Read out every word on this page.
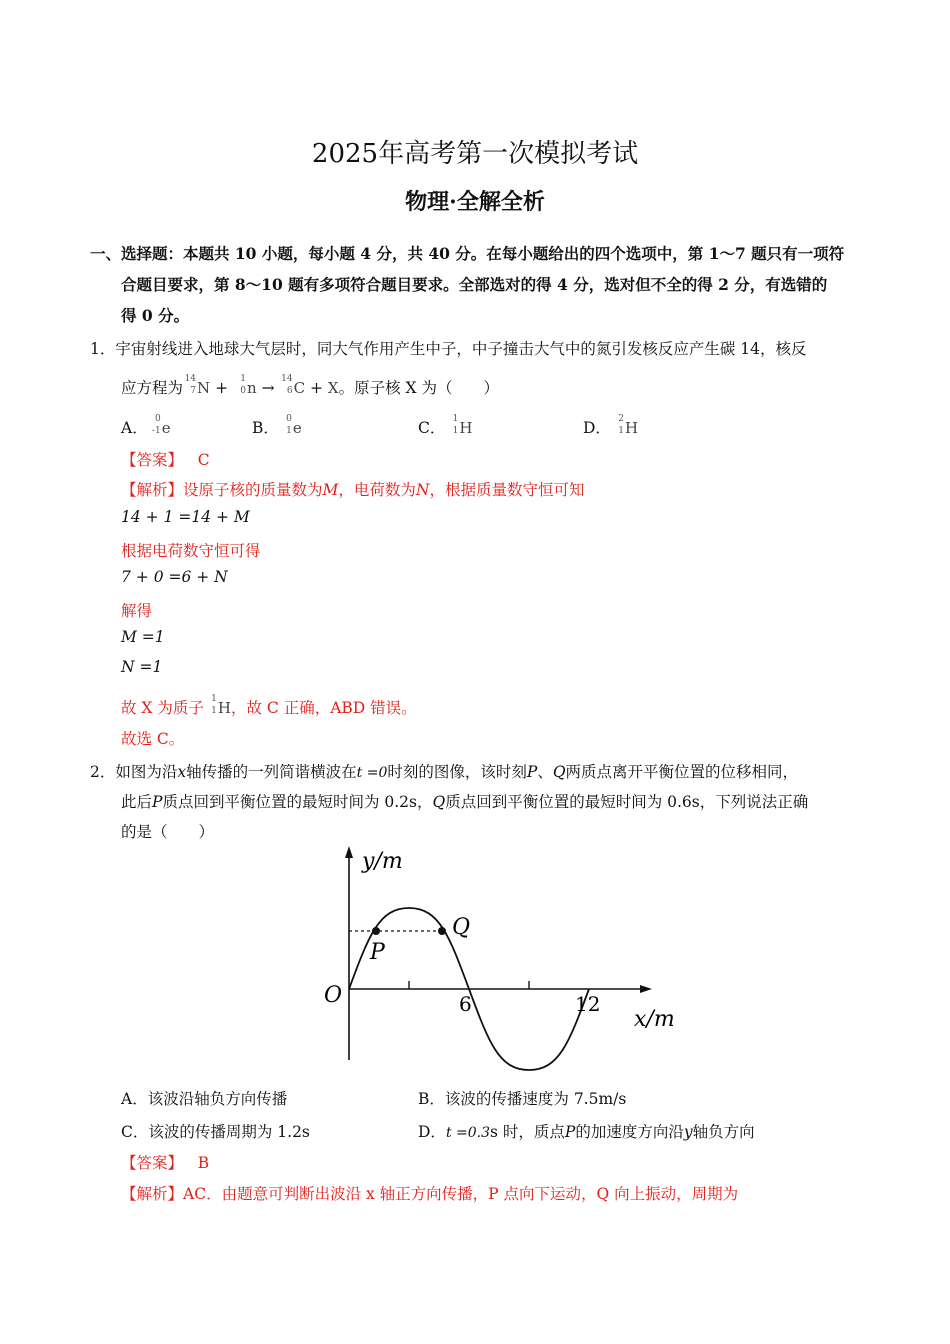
2025年高考第一次模拟考试
物理·全解全析
一、选择题：本题共 10 小题，每小题 4 分，共 40 分。在每小题给出的四个选项中，第 1～7 题只有一项符
合题目要求，第 8～10 题有多项符合题目要求。全部选对的得 4 分，选对但不全的得 2 分，有选错的
得 0 分。
1．宇宙射线进入地球大气层时，同大气作用产生中子，中子撞击大气中的氮引发核反应产生碳 14，核反
应方程为 14
7 N + 1
0 n → 14
6 C + X。原子核 X 为（　　）
A． 0
-1 e	B． 0
1 e	C． 1
1 H	D． 2
1 H
【答案】 C
【解析】设原子核的质量数为M，电荷数为N，根据质量数守恒可知
14 + 1 =14 + M
根据电荷数守恒可得
7 + 0 =6 + N
解得
M =1
N =1
故 X 为质子 1
1 H，故 C 正确，ABD 错误。
故选 C。
2．如图为沿x轴传播的一列简谐横波在t =0时刻的图像，该时刻P、Q两质点离开平衡位置的位移相同，
此后P质点回到平衡位置的最短时间为 0.2s，Q质点回到平衡位置的最短时间为 0.6s，下列说法正确
的是（　　）
y/m
x/m
O	6	12
P
Q
A．该波沿轴负方向传播	B．该波的传播速度为 7.5m/s
C．该波的传播周期为 1.2s	D．t =0.3s 时，质点P的加速度方向沿y轴负方向
【答案】 B
【解析】AC．由题意可判断出波沿 x 轴正方向传播，P 点向下运动，Q 向上振动，周期为
